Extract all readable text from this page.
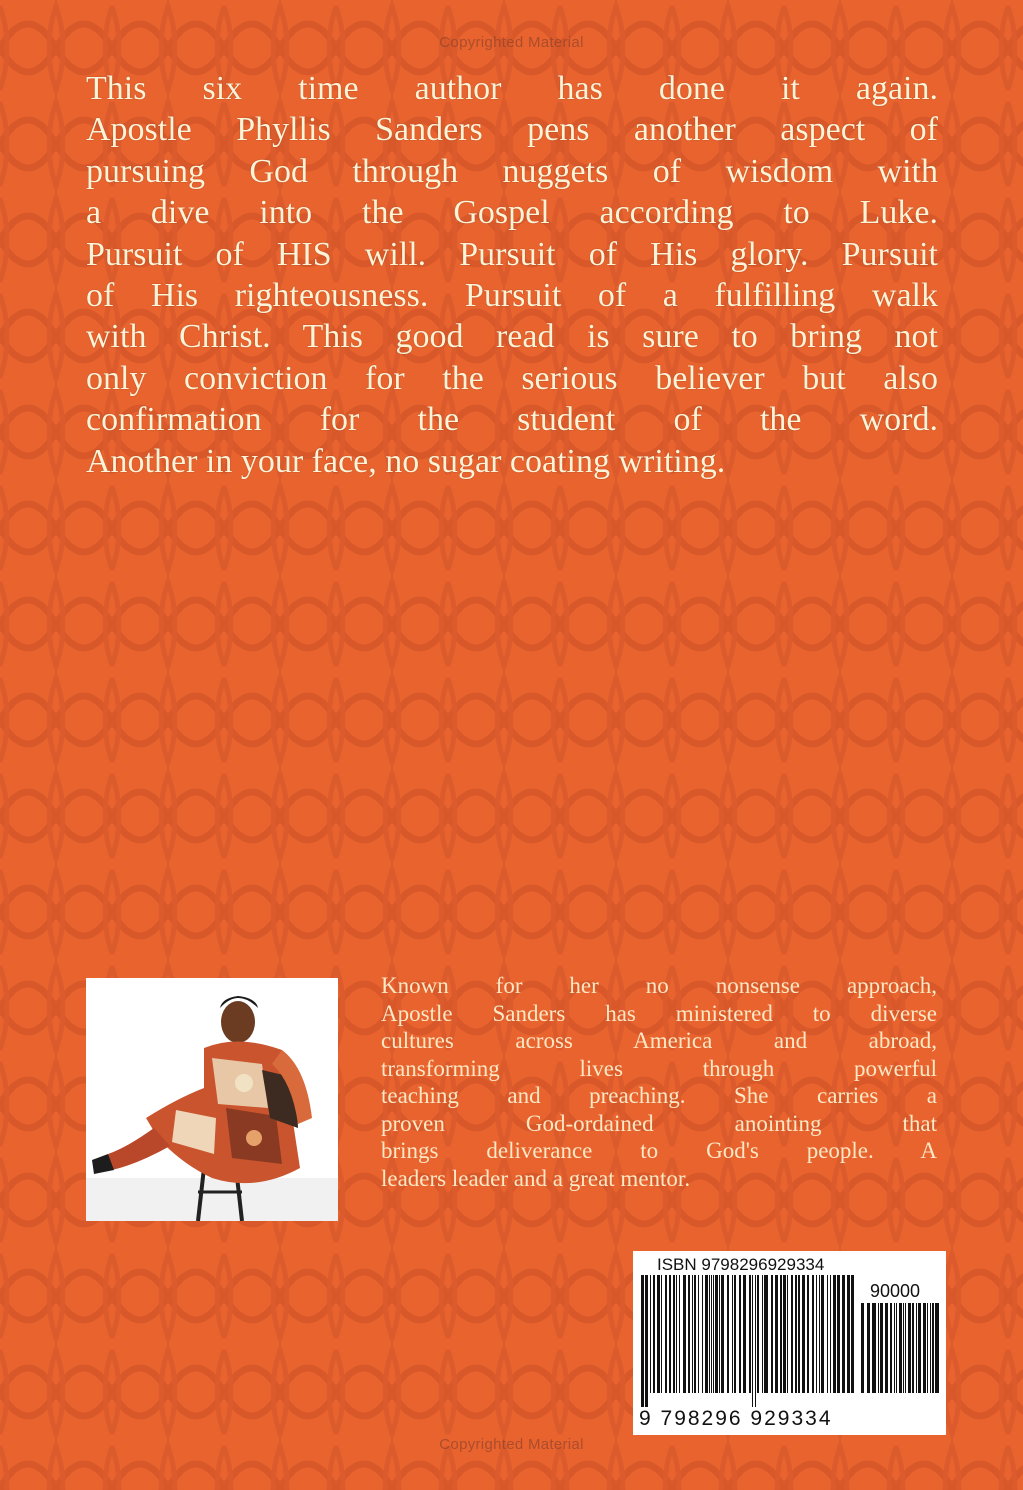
Copyrighted Material
This six time author has done it again.
Apostle Phyllis Sanders pens another aspect of
pursuing God through nuggets of wisdom with
a dive into the Gospel according to Luke.
Pursuit of HIS will. Pursuit of His glory. Pursuit
of His righteousness. Pursuit of a fulfilling walk
with Christ. This good read is sure to bring not
only conviction for the serious believer but also
confirmation for the student of the word.
Another in your face, no sugar coating writing.
Known for her no nonsense approach,
Apostle Sanders has ministered to diverse
cultures across America and abroad,
transforming lives through powerful
teaching and preaching. She carries a
proven God-ordained anointing that
brings deliverance to God's people. A
leaders leader and a great mentor.
ISBN 9798296929334
90000
9 798296 929334
Copyrighted Material
